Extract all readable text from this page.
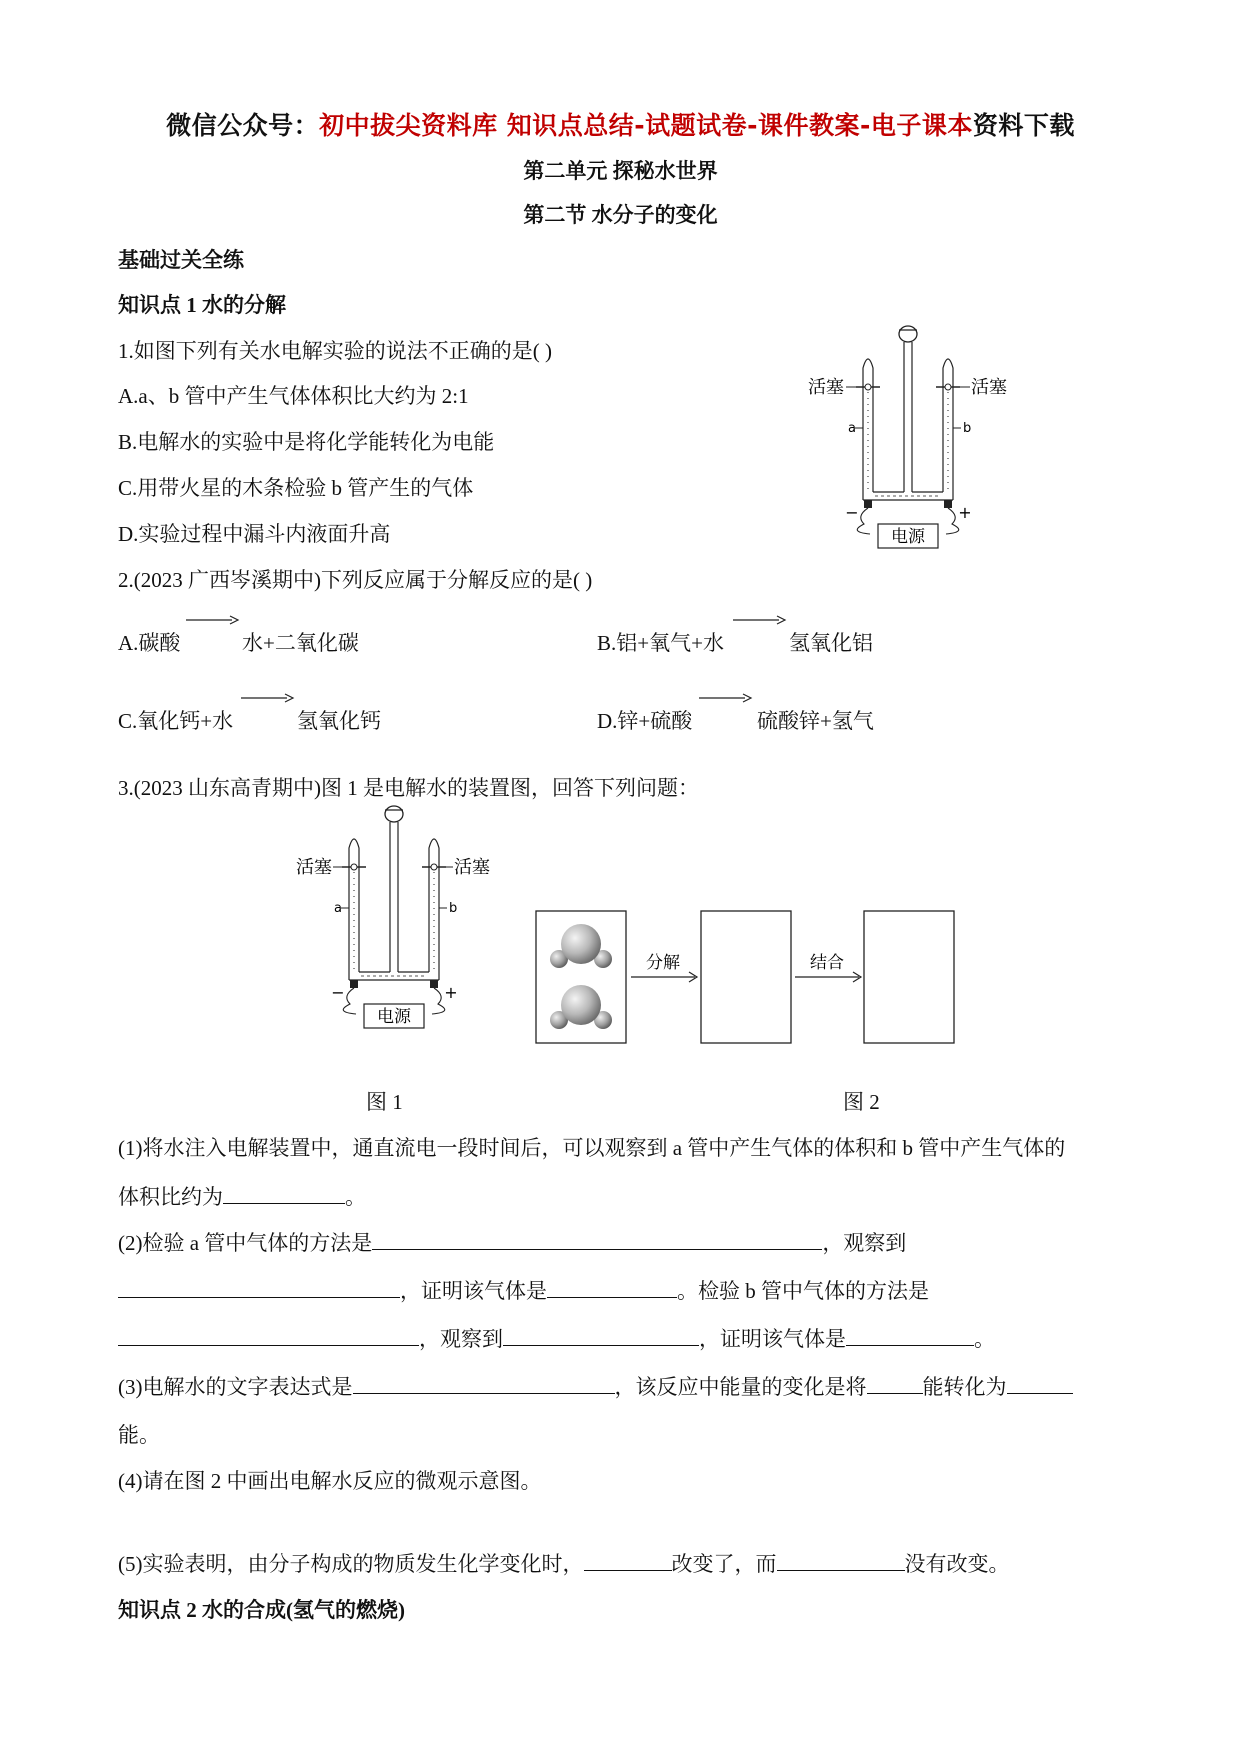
微信公众号：初中拔尖资料库 知识点总结-试题试卷-课件教案-电子课本资料下载
第二单元 探秘水世界
第二节 水分子的变化
基础过关全练
知识点 1 水的分解
1.如图下列有关水电解实验的说法不正确的是( )
A.a、b 管中产生气体体积比大约为 2:1
B.电解水的实验中是将化学能转化为电能
C.用带火星的木条检验 b 管产生的气体
D.实验过程中漏斗内液面升高	电源
−	+
活塞	活塞
a	b
2.(2023 广西岑溪期中)下列反应属于分解反应的是( )
A.碳酸	水+二氧化碳	B.铝+氧气+水	氢氧化铝
C.氧化钙+水	氢氧化钙	D.锌+硫酸	硫酸锌+氢气
3.(2023 山东高青期中)图 1 是电解水的装置图，回答下列问题：
电源
−	+
活塞	活塞
a	b
分解	结合
图 1	图 2
(1)将水注入电解装置中，通直流电一段时间后，可以观察到 a 管中产生气体的体积和 b 管中产生气体的
体积比约为	。
(2)检验 a 管中气体的方法是	，观察到
，证明该气体是	。检验 b 管中气体的方法是
，观察到	，证明该气体是	。
(3)电解水的文字表达式是	，该反应中能量的变化是将	能转化为
能。
(4)请在图 2 中画出电解水反应的微观示意图。
(5)实验表明，由分子构成的物质发生化学变化时，	改变了，而	没有改变。
知识点 2 水的合成(氢气的燃烧)
